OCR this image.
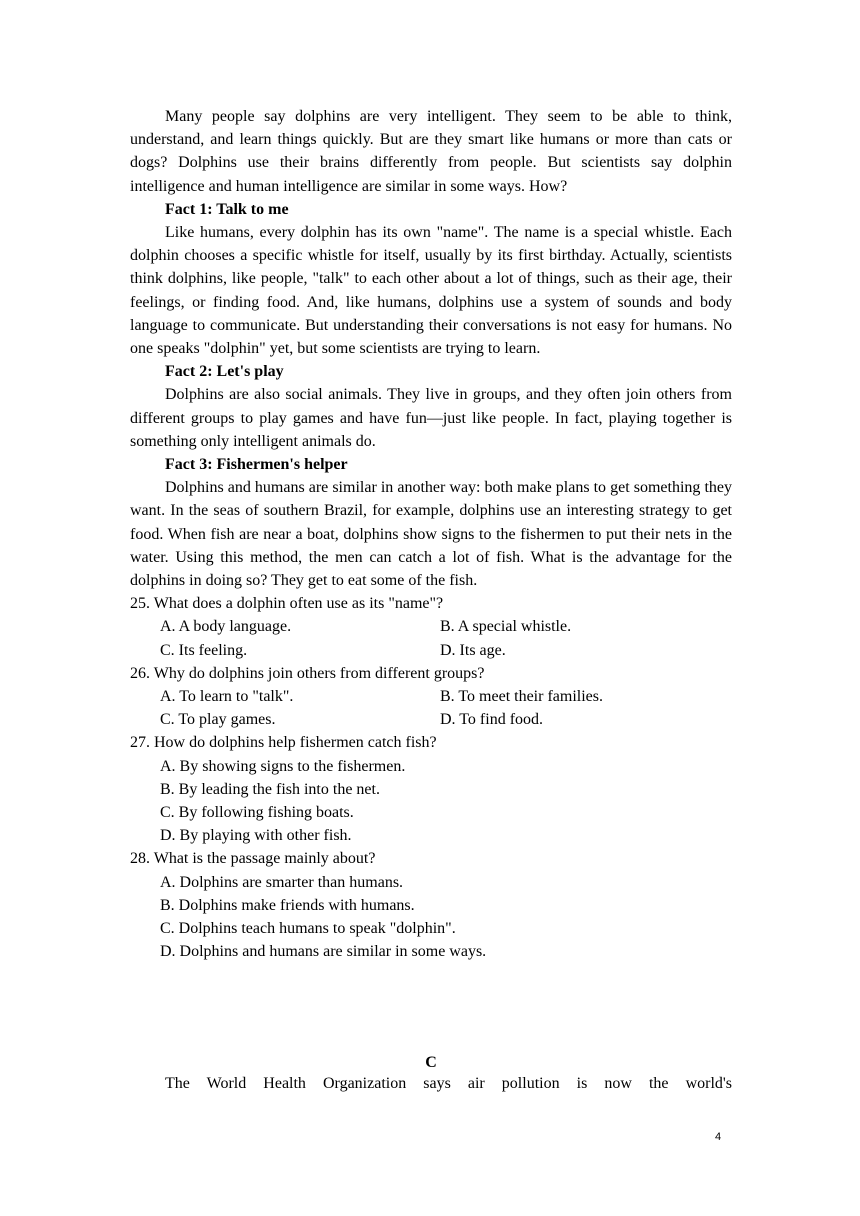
Many people say dolphins are very intelligent. They seem to be able to think, understand, and learn things quickly. But are they smart like humans or more than cats or dogs? Dolphins use their brains differently from people. But scientists say dolphin intelligence and human intelligence are similar in some ways. How?

Fact 1: Talk to me

Like humans, every dolphin has its own "name". The name is a special whistle. Each dolphin chooses a specific whistle for itself, usually by its first birthday. Actually, scientists think dolphins, like people, "talk" to each other about a lot of things, such as their age, their feelings, or finding food. And, like humans, dolphins use a system of sounds and body language to communicate. But understanding their conversations is not easy for humans. No one speaks "dolphin" yet, but some scientists are trying to learn.

Fact 2: Let's play

Dolphins are also social animals. They live in groups, and they often join others from different groups to play games and have fun—just like people. In fact, playing together is something only intelligent animals do.

Fact 3: Fishermen's helper

Dolphins and humans are similar in another way: both make plans to get something they want. In the seas of southern Brazil, for example, dolphins use an interesting strategy to get food. When fish are near a boat, dolphins show signs to the fishermen to put their nets in the water. Using this method, the men can catch a lot of fish. What is the advantage for the dolphins in doing so? They get to eat some of the fish.

25. What does a dolphin often use as its "name"?

A. A body language.	B. A special whistle.
C. Its feeling.	D. Its age.

26. Why do dolphins join others from different groups?

A. To learn to "talk".	B. To meet their families.
C. To play games.	D. To find food.

27. How do dolphins help fishermen catch fish?

A. By showing signs to the fishermen.

B. By leading the fish into the net.

C. By following fishing boats.

D. By playing with other fish.

28. What is the passage mainly about?

A. Dolphins are smarter than humans.

B. Dolphins make friends with humans.

C. Dolphins teach humans to speak "dolphin".

D. Dolphins and humans are similar in some ways.

C

The World Health Organization says air pollution is now the world's

4
